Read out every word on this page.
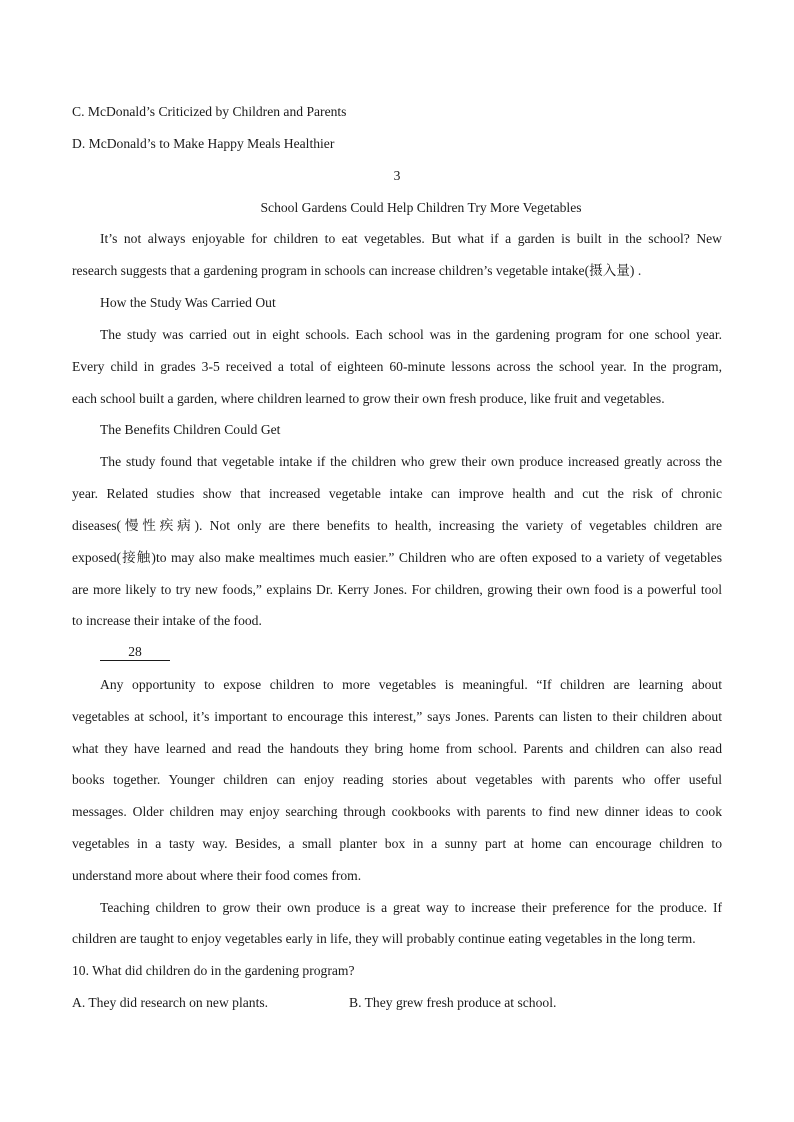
C. McDonald’s Criticized by Children and Parents
D. McDonald’s to Make Happy Meals Healthier
3
School Gardens Could Help Children Try More Vegetables
It’s not always enjoyable for children to eat vegetables. But what if a garden is built in the school? New
research suggests that a gardening program in schools can increase children’s vegetable intake(摄入量) .
How the Study Was Carried Out
The study was carried out in eight schools. Each school was in the gardening program for one school year.
Every child in grades 3-5 received a total of eighteen 60-minute lessons across the school year. In the program,
each school built a garden, where children learned to grow their own fresh produce, like fruit and vegetables.
The Benefits Children Could Get
The study found that vegetable intake if the children who grew their own produce increased greatly across the
year. Related studies show that increased vegetable intake can improve health and cut the risk of chronic
diseases(慢性疾病). Not only are there benefits to health, increasing the variety of vegetables children are
exposed(接触)to may also make mealtimes much easier.” Children who are often exposed to a variety of vegetables
are more likely to try new foods,” explains Dr. Kerry Jones. For children, growing their own food is a powerful tool
to increase their intake of the food.
28
Any opportunity to expose children to more vegetables is meaningful. “If children are learning about
vegetables at school, it’s important to encourage this interest,” says Jones. Parents can listen to their children about
what they have learned and read the handouts they bring home from school. Parents and children can also read
books together. Younger children can enjoy reading stories about vegetables with parents who offer useful
messages. Older children may enjoy searching through cookbooks with parents to find new dinner ideas to cook
vegetables in a tasty way. Besides, a small planter box in a sunny part at home can encourage children to
understand more about where their food comes from.
Teaching children to grow their own produce is a great way to increase their preference for the produce. If
children are taught to enjoy vegetables early in life, they will probably continue eating vegetables in the long term.
10. What did children do in the gardening program?
A. They did research on new plants.	B. They grew fresh produce at school.
